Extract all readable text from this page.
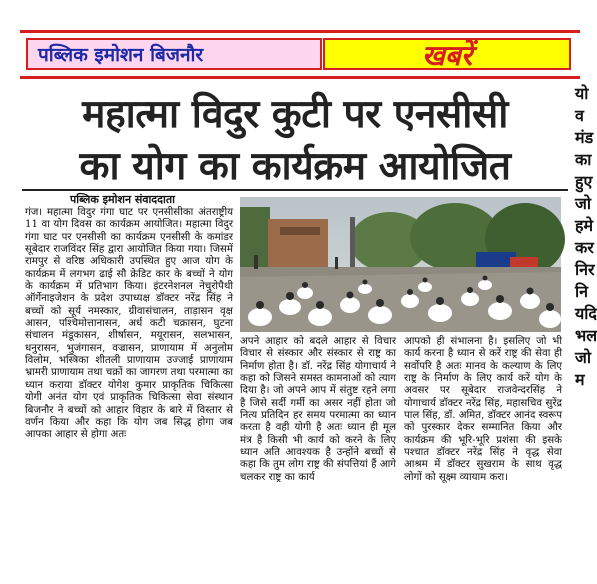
पब्लिक इमोशन बिजनौर	खबरें
महात्मा विदुर कुटी पर एनसीसी
का योग का कार्यक्रम आयोजित
पब्लिक इमोशन संवाददाता

गंज। महात्मा विदुर गंगा घाट पर एनसीसीका अंतराष्ट्रीय 11 वा योग दिवस का कार्यक्रम आयोजित। महात्मा विदुर गंगा घाट पर एनसीसी का कार्यक्रम एनसीसी के कमांडर सूबेदार राजविंदर सिंह द्वारा आयोजित किया गया। जिसमें रामपुर से वरिष्ठ अधिकारी उपस्थित हुए आज योग के कार्यक्रम में लगभग ढाई सौ क्रेडिट कार के बच्चों ने योग के कार्यक्रम में प्रतिभाग किया। इंटरनेशनल नेचुरोपैथी ऑर्गेनाइजेशन के प्रदेश उपाध्यक्ष डॉक्टर नरेंद्र सिंह ने बच्चों को सूर्य नमस्कार, ग्रीवासंचालन, ताड़ासन वृक्ष आसन, पश्चिमोत्तानासन, अर्ध कटी चक्रासन, घुटना संचालन मंडूकासन, शीर्षासन, मयूरासन, सलभासन, धनुरासन, भुजंगासन, वज्रासन, प्राणायाम में अनुलोम विलोम, भस्त्रिका शीतली प्राणायाम उज्जाई प्राणायाम भ्रामरी प्राणायाम तथा चक्रों का जागरण तथा परमात्मा का ध्यान कराया डॉक्टर योगेश कुमार प्राकृतिक चिकित्सा योगी अनंत योग एवं प्राकृतिक चिकित्सा सेवा संस्थान बिजनौर ने बच्चों को आहार विहार के बारे में विस्तार से वर्णन किया और कहा कि योग जब सिद्ध होगा जब आपका आहार से होगा अतः

अपने आहार को बदले आहार से विचार विचार से संस्कार और संस्कार से राष्ट्र का निर्माण होता है। डॉ. नरेंद्र सिंह योगाचार्य ने कहा को जिसने समस्त कामनाओं को त्याग दिया है। जो अपने आप में संतुष्ट रहने लगा है जिसे सर्दी गर्मी का असर नहीं होता जो नित्य प्रतिदिन हर समय परमात्मा का ध्यान करता है वही योगी है अतः ध्यान ही मूल मंत्र है किसी भी कार्य को करने के लिए ध्यान अति आवश्यक है उन्होंने बच्चों से कहा कि तुम लोग राष्ट्र की संपत्तियां हैं आगे चलकर राष्ट्र का कार्य

आपको ही संभालना है। इसलिए जो भी कार्य करना है ध्यान से करें राष्ट्र की सेवा ही सर्वोपरि है अतः मानव के कल्याण के लिए राष्ट्र के निर्माण के लिए कार्य करें योग के अवसर पर सूबेदार राजवेन्दरसिंह ने योगाचार्य डॉक्टर नरेंद्र सिंह, महासचिव सुरेंद्र पाल सिंह, डॉ. अमित, डॉक्टर आनंद स्वरूप को पुरस्कार देकर सम्मानित किया और कार्यक्रम की भूरि-भूरि प्रशंसा की इसके पश्चात डॉक्टर नरेंद्र सिंह ने वृद्ध सेवा आश्रम में डॉक्टर सुखराम के साथ वृद्ध लोगों को सूक्ष्म व्यायाम करा।

यो व मंड का हुए जो हमे कर निर नि यदि भल जो म
